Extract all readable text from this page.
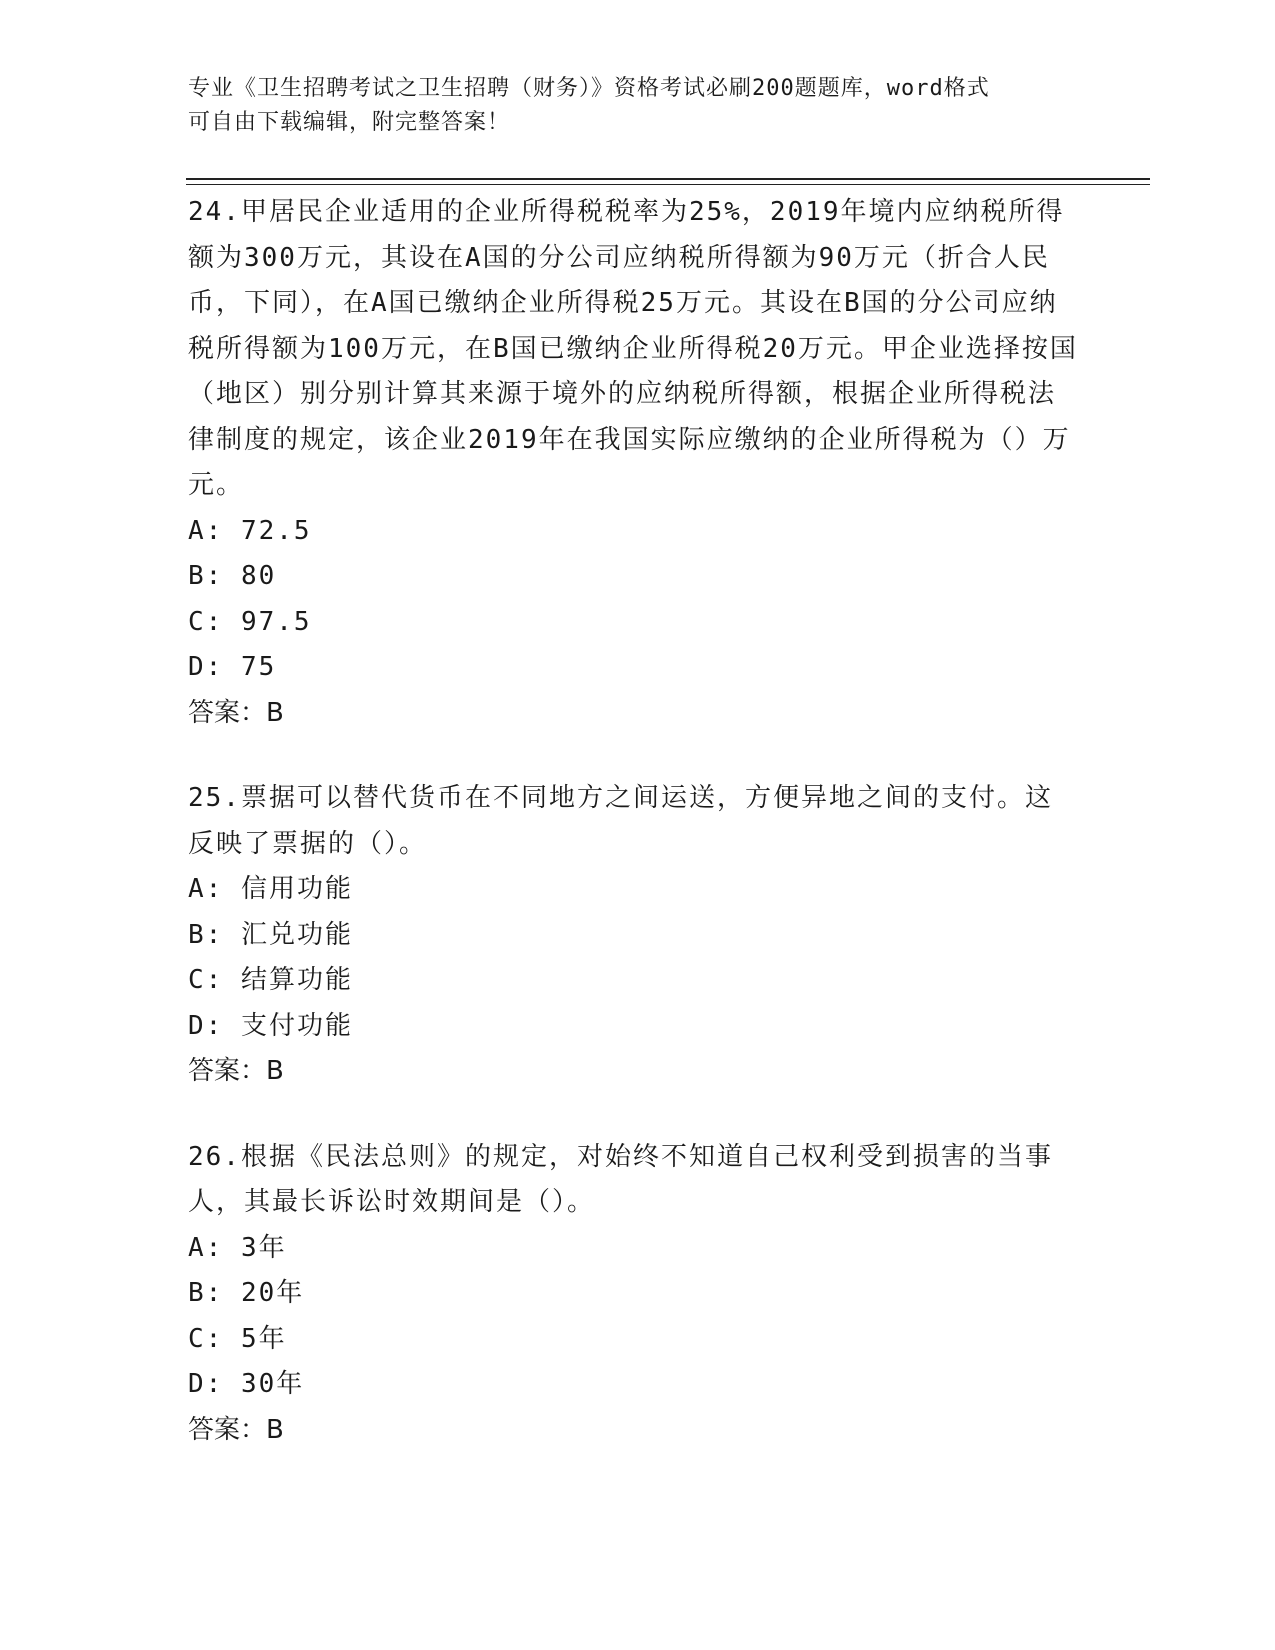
专业《卫生招聘考试之卫生招聘（财务）》资格考试必刷200题题库，word格式
可自由下载编辑，附完整答案！

24.甲居民企业适用的企业所得税税率为25%，2019年境内应纳税所得额为300万元，其设在A国的分公司应纳税所得额为90万元（折合人民币，下同），在A国已缴纳企业所得税25万元。其设在B国的分公司应纳税所得额为100万元，在B国已缴纳企业所得税20万元。甲企业选择按国（地区）别分别计算其来源于境外的应纳税所得额，根据企业所得税法律制度的规定，该企业2019年在我国实际应缴纳的企业所得税为（）万元。

A: 72.5

B: 80

C: 97.5

D: 75

答案：B

25.票据可以替代货币在不同地方之间运送，方便异地之间的支付。这反映了票据的（）。

A: 信用功能

B: 汇兑功能

C: 结算功能

D: 支付功能

答案：B

26.根据《民法总则》的规定，对始终不知道自己权利受到损害的当事人，其最长诉讼时效期间是（）。

A: 3年

B: 20年

C: 5年

D: 30年

答案：B
